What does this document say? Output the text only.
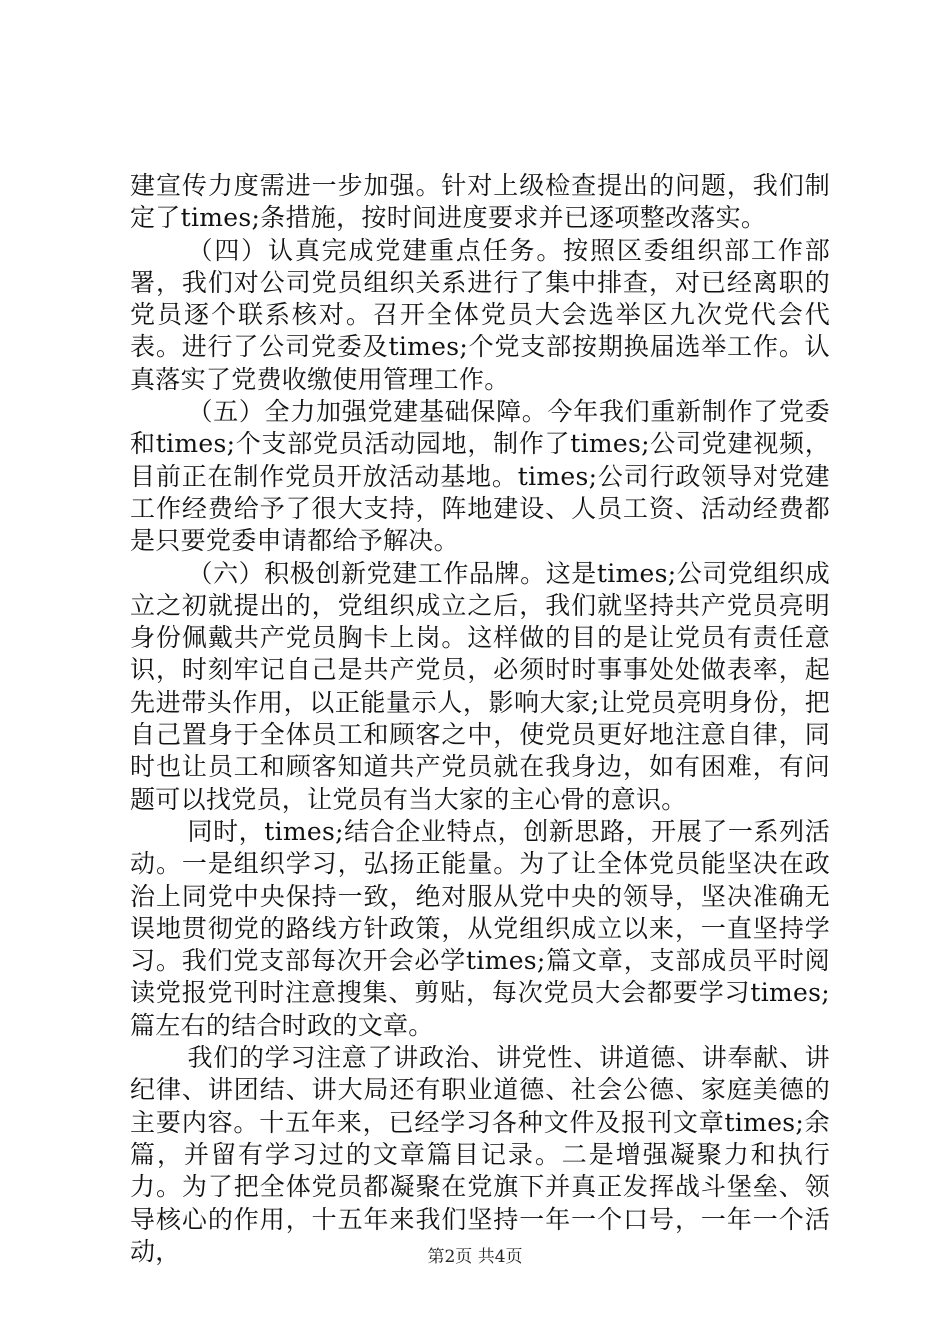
建宣传力度需进一步加强。针对上级检查提出的问题，我们制定了times;条措施，按时间进度要求并已逐项整改落实。

（四）认真完成党建重点任务。按照区委组织部工作部署，我们对公司党员组织关系进行了集中排查，对已经离职的党员逐个联系核对。召开全体党员大会选举区九次党代会代表。进行了公司党委及times;个党支部按期换届选举工作。认真落实了党费收缴使用管理工作。

（五）全力加强党建基础保障。今年我们重新制作了党委和times;个支部党员活动园地，制作了times;公司党建视频，目前正在制作党员开放活动基地。times;公司行政领导对党建工作经费给予了很大支持，阵地建设、人员工资、活动经费都是只要党委申请都给予解决。

（六）积极创新党建工作品牌。这是times;公司党组织成立之初就提出的，党组织成立之后，我们就坚持共产党员亮明身份佩戴共产党员胸卡上岗。这样做的目的是让党员有责任意识，时刻牢记自己是共产党员，必须时时事事处处做表率，起先进带头作用，以正能量示人，影响大家;让党员亮明身份，把自己置身于全体员工和顾客之中，使党员更好地注意自律，同时也让员工和顾客知道共产党员就在我身边，如有困难，有问题可以找党员，让党员有当大家的主心骨的意识。

同时，times;结合企业特点，创新思路，开展了一系列活动。一是组织学习，弘扬正能量。为了让全体党员能坚决在政治上同党中央保持一致，绝对服从党中央的领导，坚决准确无误地贯彻党的路线方针政策，从党组织成立以来，一直坚持学习。我们党支部每次开会必学times;篇文章，支部成员平时阅读党报党刊时注意搜集、剪贴，每次党员大会都要学习times;篇左右的结合时政的文章。

我们的学习注意了讲政治、讲党性、讲道德、讲奉献、讲纪律、讲团结、讲大局还有职业道德、社会公德、家庭美德的主要内容。十五年来，已经学习各种文件及报刊文章times;余篇，并留有学习过的文章篇目记录。二是增强凝聚力和执行力。为了把全体党员都凝聚在党旗下并真正发挥战斗堡垒、领导核心的作用，十五年来我们坚持一年一个口号，一年一个活动，	第2页 共4页
